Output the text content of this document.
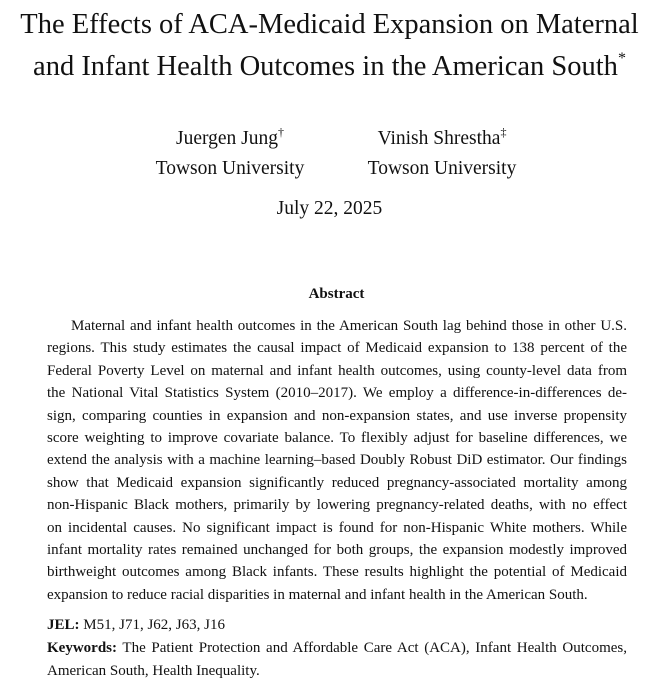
The Effects of ACA-Medicaid Expansion on Maternal
and Infant Health Outcomes in the American South*
Juergen Jung†
Towson University
Vinish Shrestha‡
Towson University
July 22, 2025
Abstract

Maternal and infant health outcomes in the American South lag behind those in other U.S.
regions. This study estimates the causal impact of Medicaid expansion to 138 percent of the
Federal Poverty Level on maternal and infant health outcomes, using county-level data from
the National Vital Statistics System (2010–2017). We employ a difference-in-differences de-
sign, comparing counties in expansion and non-expansion states, and use inverse propensity
score weighting to improve covariate balance. To flexibly adjust for baseline differences, we
extend the analysis with a machine learning–based Doubly Robust DiD estimator. Our findings
show that Medicaid expansion significantly reduced pregnancy-associated mortality among
non-Hispanic Black mothers, primarily by lowering pregnancy-related deaths, with no effect
on incidental causes. No significant impact is found for non-Hispanic White mothers. While
infant mortality rates remained unchanged for both groups, the expansion modestly improved
birthweight outcomes among Black infants. These results highlight the potential of Medicaid
expansion to reduce racial disparities in maternal and infant health in the American South.

JEL: M51, J71, J62, J63, J16
Keywords: The Patient Protection and Affordable Care Act (ACA), Infant Health Outcomes,
American South, Health Inequality.
